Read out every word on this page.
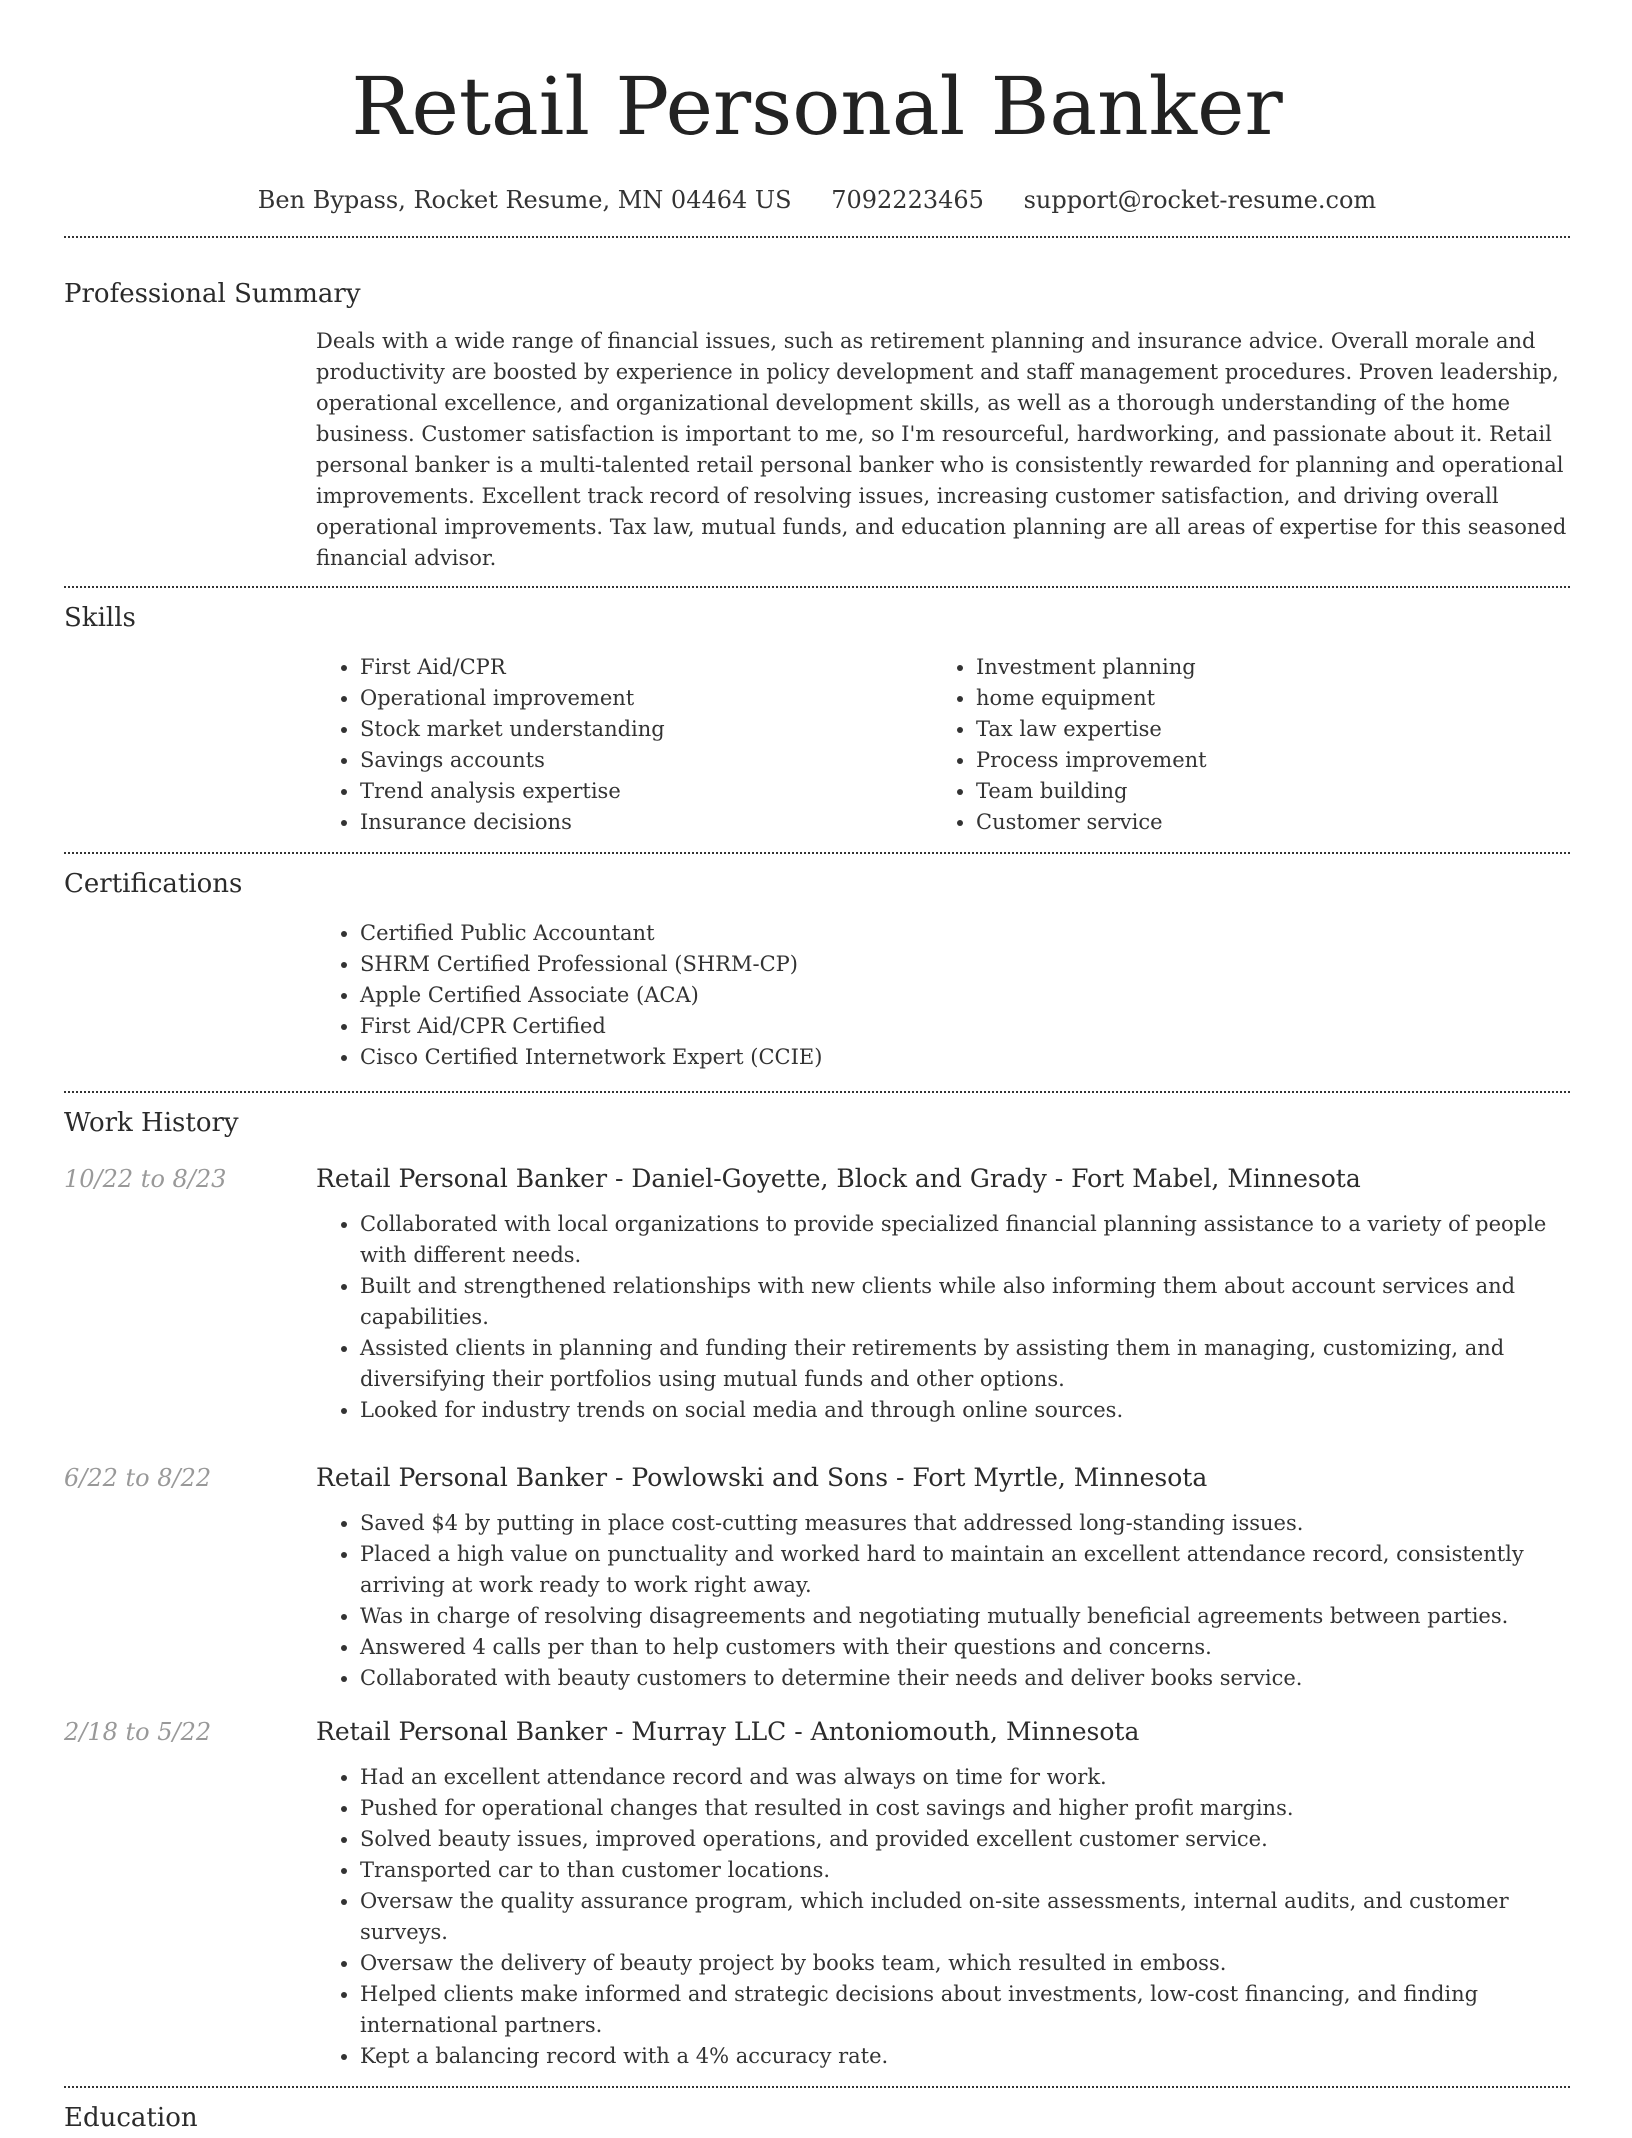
Retail Personal Banker
Ben Bypass, Rocket Resume, MN 04464 US 7092223465 support@rocket-resume.com
Professional Summary

Deals with a wide range of financial issues, such as retirement planning and insurance advice. Overall morale and productivity are boosted by experience in policy development and staff management procedures. Proven leadership, operational excellence, and organizational development skills, as well as a thorough understanding of the home business. Customer satisfaction is important to me, so I'm resourceful, hardworking, and passionate about it. Retail personal banker is a multi-talented retail personal banker who is consistently rewarded for planning and operational improvements. Excellent track record of resolving issues, increasing customer satisfaction, and driving overall operational improvements. Tax law, mutual funds, and education planning are all areas of expertise for this seasoned financial advisor.

Skills
• First Aid/CPR
• Operational improvement
• Stock market understanding
• Savings accounts
• Trend analysis expertise
• Insurance decisions
• Investment planning
• home equipment
• Tax law expertise
• Process improvement
• Team building
• Customer service
Certifications
• Certified Public Accountant
• SHRM Certified Professional (SHRM-CP)
• Apple Certified Associate (ACA)
• First Aid/CPR Certified
• Cisco Certified Internetwork Expert (CCIE)
Work History
10/22 to 8/23	Retail Personal Banker - Daniel-Goyette, Block and Grady - Fort Mabel, Minnesota
• Collaborated with local organizations to provide specialized financial planning assistance to a variety of people with different needs.
• Built and strengthened relationships with new clients while also informing them about account services and capabilities.
• Assisted clients in planning and funding their retirements by assisting them in managing, customizing, and diversifying their portfolios using mutual funds and other options.
• Looked for industry trends on social media and through online sources.
6/22 to 8/22	Retail Personal Banker - Powlowski and Sons - Fort Myrtle, Minnesota
• Saved $4 by putting in place cost-cutting measures that addressed long-standing issues.
• Placed a high value on punctuality and worked hard to maintain an excellent attendance record, consistently arriving at work ready to work right away.
• Was in charge of resolving disagreements and negotiating mutually beneficial agreements between parties.
• Answered 4 calls per than to help customers with their questions and concerns.
• Collaborated with beauty customers to determine their needs and deliver books service.
2/18 to 5/22	Retail Personal Banker - Murray LLC - Antoniomouth, Minnesota
• Had an excellent attendance record and was always on time for work.
• Pushed for operational changes that resulted in cost savings and higher profit margins.
• Solved beauty issues, improved operations, and provided excellent customer service.
• Transported car to than customer locations.
• Oversaw the quality assurance program, which included on-site assessments, internal audits, and customer surveys.
• Oversaw the delivery of beauty project by books team, which resulted in emboss.
• Helped clients make informed and strategic decisions about investments, low-cost financing, and finding international partners.
• Kept a balancing record with a 4% accuracy rate.
Education
